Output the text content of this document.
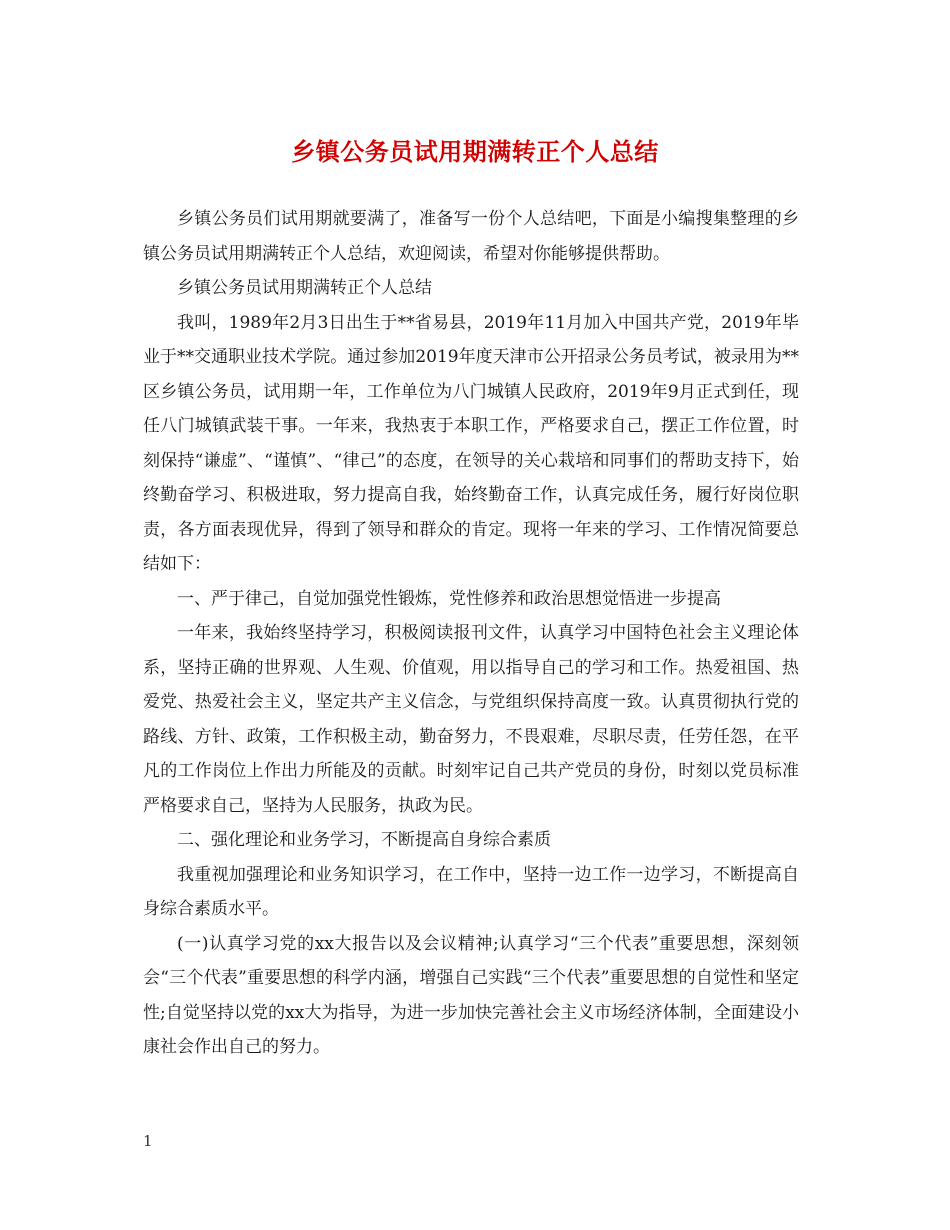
乡镇公务员试用期满转正个人总结

乡镇公务员们试用期就要满了，准备写一份个人总结吧，下面是小编搜集整理的乡镇公务员试用期满转正个人总结，欢迎阅读，希望对你能够提供帮助。

乡镇公务员试用期满转正个人总结

我叫，1989年2月3日出生于**省易县，2019年11月加入中国共产党，2019年毕业于**交通职业技术学院。通过参加2019年度天津市公开招录公务员考试，被录用为**区乡镇公务员，试用期一年，工作单位为八门城镇人民政府，2019年9月正式到任，现任八门城镇武装干事。一年来，我热衷于本职工作，严格要求自己，摆正工作位置，时刻保持“谦虚”、“谨慎”、“律己”的态度，在领导的关心栽培和同事们的帮助支持下，始终勤奋学习、积极进取，努力提高自我，始终勤奋工作，认真完成任务，履行好岗位职责，各方面表现优异，得到了领导和群众的肯定。现将一年来的学习、工作情况简要总结如下：

一、严于律己，自觉加强党性锻炼，党性修养和政治思想觉悟进一步提高

一年来，我始终坚持学习，积极阅读报刊文件，认真学习中国特色社会主义理论体系，坚持正确的世界观、人生观、价值观，用以指导自己的学习和工作。热爱祖国、热爱党、热爱社会主义，坚定共产主义信念，与党组织保持高度一致。认真贯彻执行党的路线、方针、政策，工作积极主动，勤奋努力，不畏艰难，尽职尽责，任劳任怨，在平凡的工作岗位上作出力所能及的贡献。时刻牢记自己共产党员的身份，时刻以党员标准严格要求自己，坚持为人民服务，执政为民。

二、强化理论和业务学习，不断提高自身综合素质

我重视加强理论和业务知识学习，在工作中，坚持一边工作一边学习，不断提高自身综合素质水平。

(一)认真学习党的xx大报告以及会议精神;认真学习“三个代表”重要思想，深刻领会“三个代表”重要思想的科学内涵，增强自己实践“三个代表”重要思想的自觉性和坚定性;自觉坚持以党的xx大为指导，为进一步加快完善社会主义市场经济体制，全面建设小康社会作出自己的努力。

1
